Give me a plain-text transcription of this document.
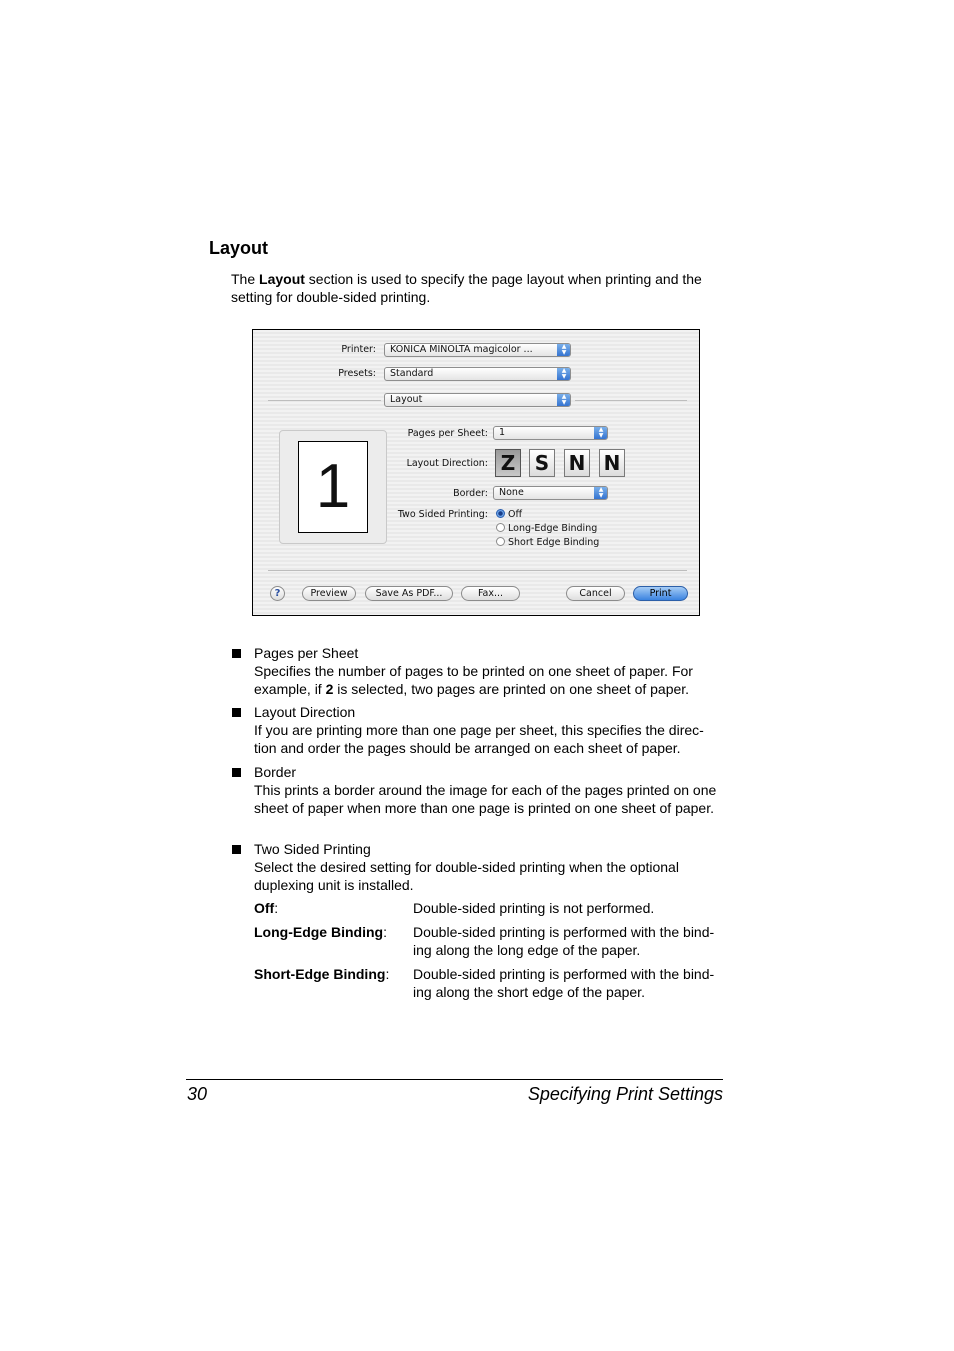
Layout

The Layout section is used to specify the page layout when printing and the setting for double-sided printing.

Printer:	KONICA MINOLTA magicolor ...	▲
▼
Presets:	Standard	▲
▼
Layout	▲
▼
1
Pages per Sheet:	1	▲
▼
Layout Direction: Z S N N
Border:	None	▲
▼
Two Sided Printing:	Off
Long-Edge Binding
Short Edge Binding
?	Preview	Save As PDF...	Fax...	Cancel	Print
Pages per Sheet
Specifies the number of pages to be printed on one sheet of paper. For example, if 2 is selected, two pages are printed on one sheet of paper.
Layout Direction
If you are printing more than one page per sheet, this specifies the direc-tion and order the pages should be arranged on each sheet of paper.
Border
This prints a border around the image for each of the pages printed on one sheet of paper when more than one page is printed on one sheet of paper.
Two Sided Printing
Select the desired setting for double-sided printing when the optional duplexing unit is installed.
Off:	Double-sided printing is not performed.
Long-Edge Binding: Double-sided printing is performed with the bind-ing along the long edge of the paper.
Short-Edge Binding: Double-sided printing is performed with the bind-ing along the short edge of the paper.
30	Specifying Print Settings
